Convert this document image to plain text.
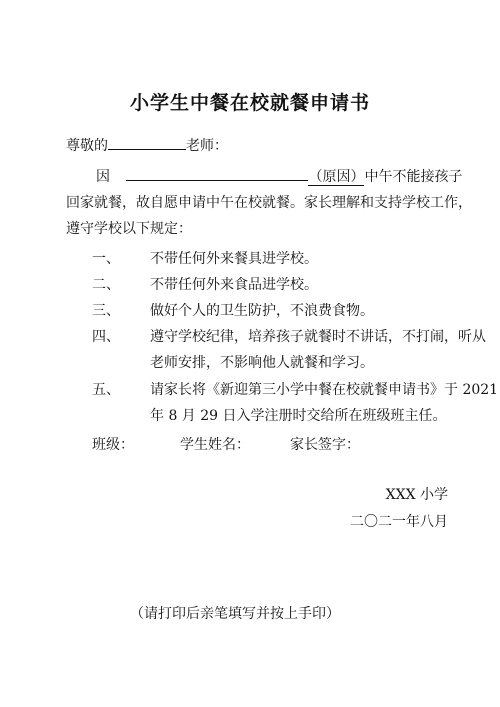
小学生中餐在校就餐申请书
尊敬的	老师：
因	（原因）中午不能接孩子
回家就餐，故自愿申请中午在校就餐。家长理解和支持学校工作，
遵守学校以下规定：
一、 不带任何外来餐具进学校。
二、 不带任何外来食品进学校。
三、 做好个人的卫生防护，不浪费食物。
四、 遵守学校纪律，培养孩子就餐时不讲话，不打闹，听从
老师安排，不影响他人就餐和学习。
五、 请家长将《新迎第三小学中餐在校就餐申请书》于 2021
年 8 月 29 日入学注册时交给所在班级班主任。
班级：	学生姓名：	家长签字：
XXX 小学
二〇二一年八月
（请打印后亲笔填写并按上手印）
